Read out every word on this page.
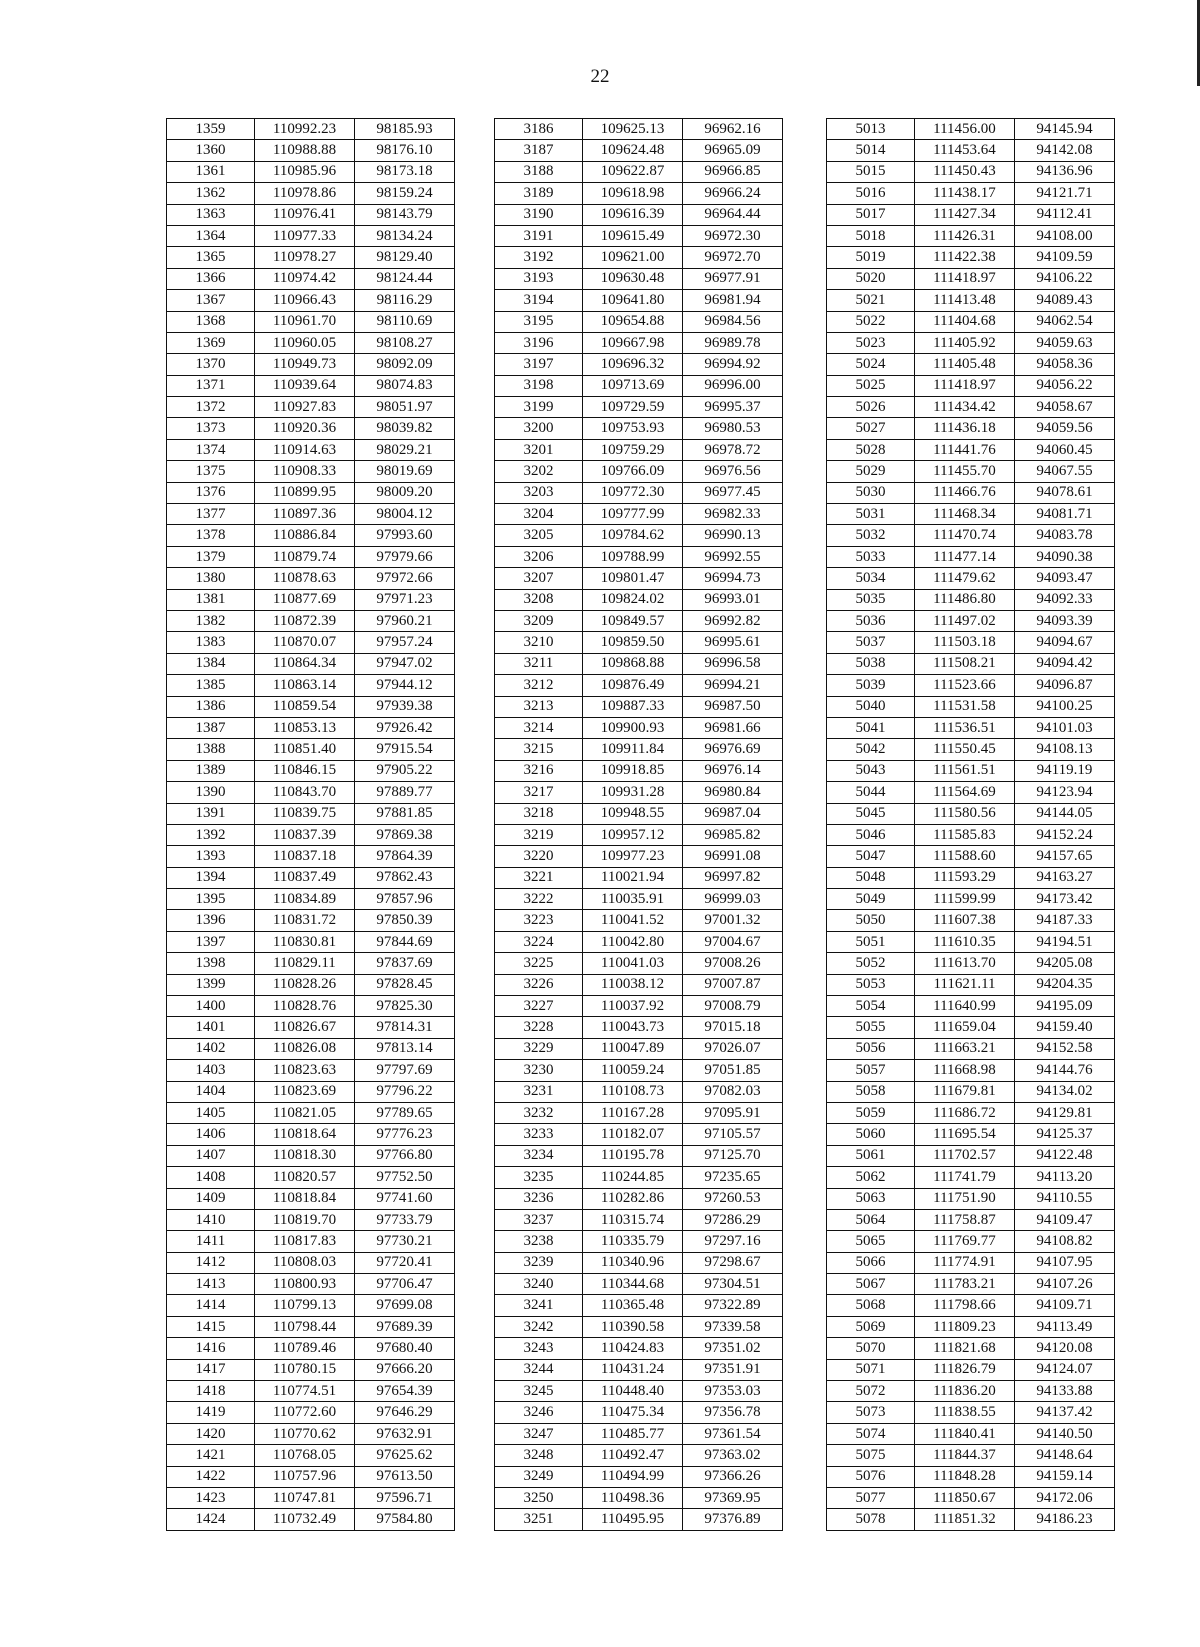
22
1359	110992.23	98185.93
1360	110988.88	98176.10
1361	110985.96	98173.18
1362	110978.86	98159.24
1363	110976.41	98143.79
1364	110977.33	98134.24
1365	110978.27	98129.40
1366	110974.42	98124.44
1367	110966.43	98116.29
1368	110961.70	98110.69
1369	110960.05	98108.27
1370	110949.73	98092.09
1371	110939.64	98074.83
1372	110927.83	98051.97
1373	110920.36	98039.82
1374	110914.63	98029.21
1375	110908.33	98019.69
1376	110899.95	98009.20
1377	110897.36	98004.12
1378	110886.84	97993.60
1379	110879.74	97979.66
1380	110878.63	97972.66
1381	110877.69	97971.23
1382	110872.39	97960.21
1383	110870.07	97957.24
1384	110864.34	97947.02
1385	110863.14	97944.12
1386	110859.54	97939.38
1387	110853.13	97926.42
1388	110851.40	97915.54
1389	110846.15	97905.22
1390	110843.70	97889.77
1391	110839.75	97881.85
1392	110837.39	97869.38
1393	110837.18	97864.39
1394	110837.49	97862.43
1395	110834.89	97857.96
1396	110831.72	97850.39
1397	110830.81	97844.69
1398	110829.11	97837.69
1399	110828.26	97828.45
1400	110828.76	97825.30
1401	110826.67	97814.31
1402	110826.08	97813.14
1403	110823.63	97797.69
1404	110823.69	97796.22
1405	110821.05	97789.65
1406	110818.64	97776.23
1407	110818.30	97766.80
1408	110820.57	97752.50
1409	110818.84	97741.60
1410	110819.70	97733.79
1411	110817.83	97730.21
1412	110808.03	97720.41
1413	110800.93	97706.47
1414	110799.13	97699.08
1415	110798.44	97689.39
1416	110789.46	97680.40
1417	110780.15	97666.20
1418	110774.51	97654.39
1419	110772.60	97646.29
1420	110770.62	97632.91
1421	110768.05	97625.62
1422	110757.96	97613.50
1423	110747.81	97596.71
1424	110732.49	97584.80
3186	109625.13	96962.16
3187	109624.48	96965.09
3188	109622.87	96966.85
3189	109618.98	96966.24
3190	109616.39	96964.44
3191	109615.49	96972.30
3192	109621.00	96972.70
3193	109630.48	96977.91
3194	109641.80	96981.94
3195	109654.88	96984.56
3196	109667.98	96989.78
3197	109696.32	96994.92
3198	109713.69	96996.00
3199	109729.59	96995.37
3200	109753.93	96980.53
3201	109759.29	96978.72
3202	109766.09	96976.56
3203	109772.30	96977.45
3204	109777.99	96982.33
3205	109784.62	96990.13
3206	109788.99	96992.55
3207	109801.47	96994.73
3208	109824.02	96993.01
3209	109849.57	96992.82
3210	109859.50	96995.61
3211	109868.88	96996.58
3212	109876.49	96994.21
3213	109887.33	96987.50
3214	109900.93	96981.66
3215	109911.84	96976.69
3216	109918.85	96976.14
3217	109931.28	96980.84
3218	109948.55	96987.04
3219	109957.12	96985.82
3220	109977.23	96991.08
3221	110021.94	96997.82
3222	110035.91	96999.03
3223	110041.52	97001.32
3224	110042.80	97004.67
3225	110041.03	97008.26
3226	110038.12	97007.87
3227	110037.92	97008.79
3228	110043.73	97015.18
3229	110047.89	97026.07
3230	110059.24	97051.85
3231	110108.73	97082.03
3232	110167.28	97095.91
3233	110182.07	97105.57
3234	110195.78	97125.70
3235	110244.85	97235.65
3236	110282.86	97260.53
3237	110315.74	97286.29
3238	110335.79	97297.16
3239	110340.96	97298.67
3240	110344.68	97304.51
3241	110365.48	97322.89
3242	110390.58	97339.58
3243	110424.83	97351.02
3244	110431.24	97351.91
3245	110448.40	97353.03
3246	110475.34	97356.78
3247	110485.77	97361.54
3248	110492.47	97363.02
3249	110494.99	97366.26
3250	110498.36	97369.95
3251	110495.95	97376.89
5013	111456.00	94145.94
5014	111453.64	94142.08
5015	111450.43	94136.96
5016	111438.17	94121.71
5017	111427.34	94112.41
5018	111426.31	94108.00
5019	111422.38	94109.59
5020	111418.97	94106.22
5021	111413.48	94089.43
5022	111404.68	94062.54
5023	111405.92	94059.63
5024	111405.48	94058.36
5025	111418.97	94056.22
5026	111434.42	94058.67
5027	111436.18	94059.56
5028	111441.76	94060.45
5029	111455.70	94067.55
5030	111466.76	94078.61
5031	111468.34	94081.71
5032	111470.74	94083.78
5033	111477.14	94090.38
5034	111479.62	94093.47
5035	111486.80	94092.33
5036	111497.02	94093.39
5037	111503.18	94094.67
5038	111508.21	94094.42
5039	111523.66	94096.87
5040	111531.58	94100.25
5041	111536.51	94101.03
5042	111550.45	94108.13
5043	111561.51	94119.19
5044	111564.69	94123.94
5045	111580.56	94144.05
5046	111585.83	94152.24
5047	111588.60	94157.65
5048	111593.29	94163.27
5049	111599.99	94173.42
5050	111607.38	94187.33
5051	111610.35	94194.51
5052	111613.70	94205.08
5053	111621.11	94204.35
5054	111640.99	94195.09
5055	111659.04	94159.40
5056	111663.21	94152.58
5057	111668.98	94144.76
5058	111679.81	94134.02
5059	111686.72	94129.81
5060	111695.54	94125.37
5061	111702.57	94122.48
5062	111741.79	94113.20
5063	111751.90	94110.55
5064	111758.87	94109.47
5065	111769.77	94108.82
5066	111774.91	94107.95
5067	111783.21	94107.26
5068	111798.66	94109.71
5069	111809.23	94113.49
5070	111821.68	94120.08
5071	111826.79	94124.07
5072	111836.20	94133.88
5073	111838.55	94137.42
5074	111840.41	94140.50
5075	111844.37	94148.64
5076	111848.28	94159.14
5077	111850.67	94172.06
5078	111851.32	94186.23
